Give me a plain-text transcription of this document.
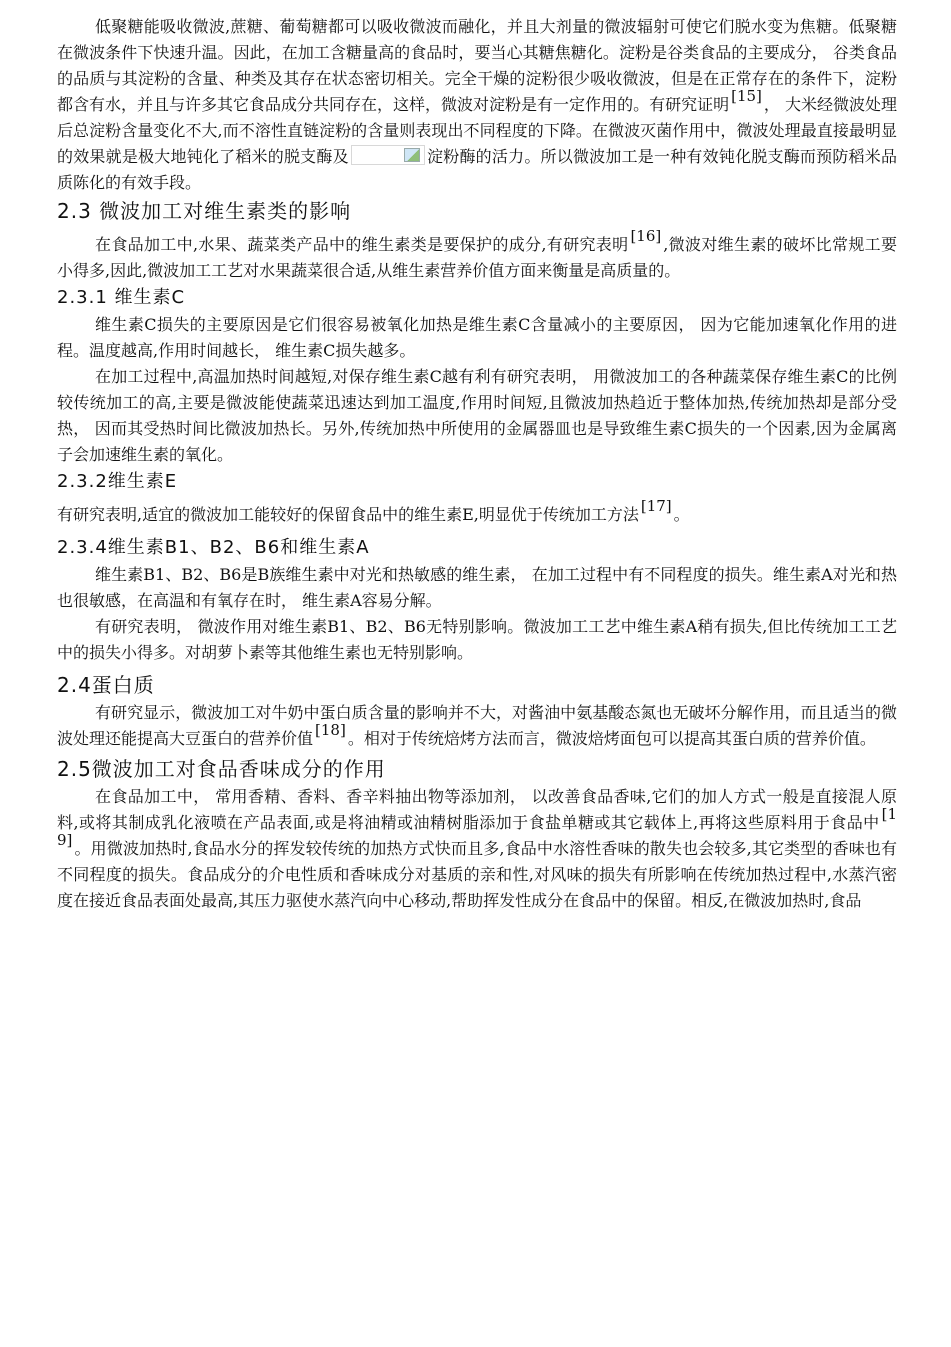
低聚糖能吸收微波,蔗糖、葡萄糖都可以吸收微波而融化，并且大剂量的微波辐射可使它们脱水变为焦糖。低聚糖在微波条件下快速升温。因此，在加工含糖量高的食品时，要当心其糖焦糖化。淀粉是谷类食品的主要成分， 谷类食品的品质与其淀粉的含量、种类及其存在状态密切相关。完全干燥的淀粉很少吸收微波，但是在正常存在的条件下，淀粉都含有水，并且与许多其它食品成分共同存在，这样，微波对淀粉是有一定作用的。有研究证明 [15] ， 大米经微波处理后总淀粉含量变化不大,而不溶性直链淀粉的含量则表现出不同程度的下降。在微波灭菌作用中，微波处理最直接最明显的效果就是极大地钝化了稻米的脱支酶及	淀粉酶的活力。所以微波加工是一种有效钝化脱支酶而预防稻米品质陈化的有效手段。

2.3 微波加工对维生素类的影响

在食品加工中,水果、蔬菜类产品中的维生素类是要保护的成分,有研究表明 [16] ,微波对维生素的破坏比常规工要小得多,因此,微波加工工艺对水果蔬菜很合适,从维生素营养价值方面来衡量是高质量的。

2.3.1 维生素C

维生素C损失的主要原因是它们很容易被氧化加热是维生素C含量减小的主要原因， 因为它能加速氧化作用的进程。温度越高,作用时间越长， 维生素C损失越多。

在加工过程中,高温加热时间越短,对保存维生素C越有利有研究表明， 用微波加工的各种蔬菜保存维生素C的比例较传统加工的高,主要是微波能使蔬菜迅速达到加工温度,作用时间短,且微波加热趋近于整体加热,传统加热却是部分受热， 因而其受热时间比微波加热长。另外,传统加热中所使用的金属器皿也是导致维生素C损失的一个因素,因为金属离子会加速维生素的氧化。

2.3.2维生素E

有研究表明,适宜的微波加工能较好的保留食品中的维生素E,明显优于传统加工方法 [17] 。

2.3.4维生素B1、B2、B6和维生素A

维生素B1、B2、B6是B族维生素中对光和热敏感的维生素， 在加工过程中有不同程度的损失。维生素A对光和热也很敏感，在高温和有氧存在时， 维生素A容易分解。

有研究表明， 微波作用对维生素B1、B2、B6无特别影响。微波加工工艺中维生素A稍有损失,但比传统加工工艺中的损失小得多。对胡萝卜素等其他维生素也无特别影响。

2.4蛋白质

有研究显示，微波加工对牛奶中蛋白质含量的影响并不大，对酱油中氨基酸态氮也无破坏分解作用，而且适当的微波处理还能提高大豆蛋白的营养价值 [18] 。相对于传统焙烤方法而言，微波焙烤面包可以提高其蛋白质的营养价值。

2.5微波加工对食品香味成分的作用

在食品加工中， 常用香精、香料、香辛料抽出物等添加剂， 以改善食品香味,它们的加人方式一般是直接混人原料,或将其制成乳化液喷在产品表面,或是将油精或油精树脂添加于食盐单糖或其它载体上,再将这些原料用于食品中 [19] 。用微波加热时,食品水分的挥发较传统的加热方式快而且多,食品中水溶性香味的散失也会较多,其它类型的香味也有不同程度的损失。食品成分的介电性质和香味成分对基质的亲和性,对风味的损失有所影响在传统加热过程中,水蒸汽密度在接近食品表面处最高,其压力驱使水蒸汽向中心移动,帮助挥发性成分在食品中的保留。相反,在微波加热时,食品
